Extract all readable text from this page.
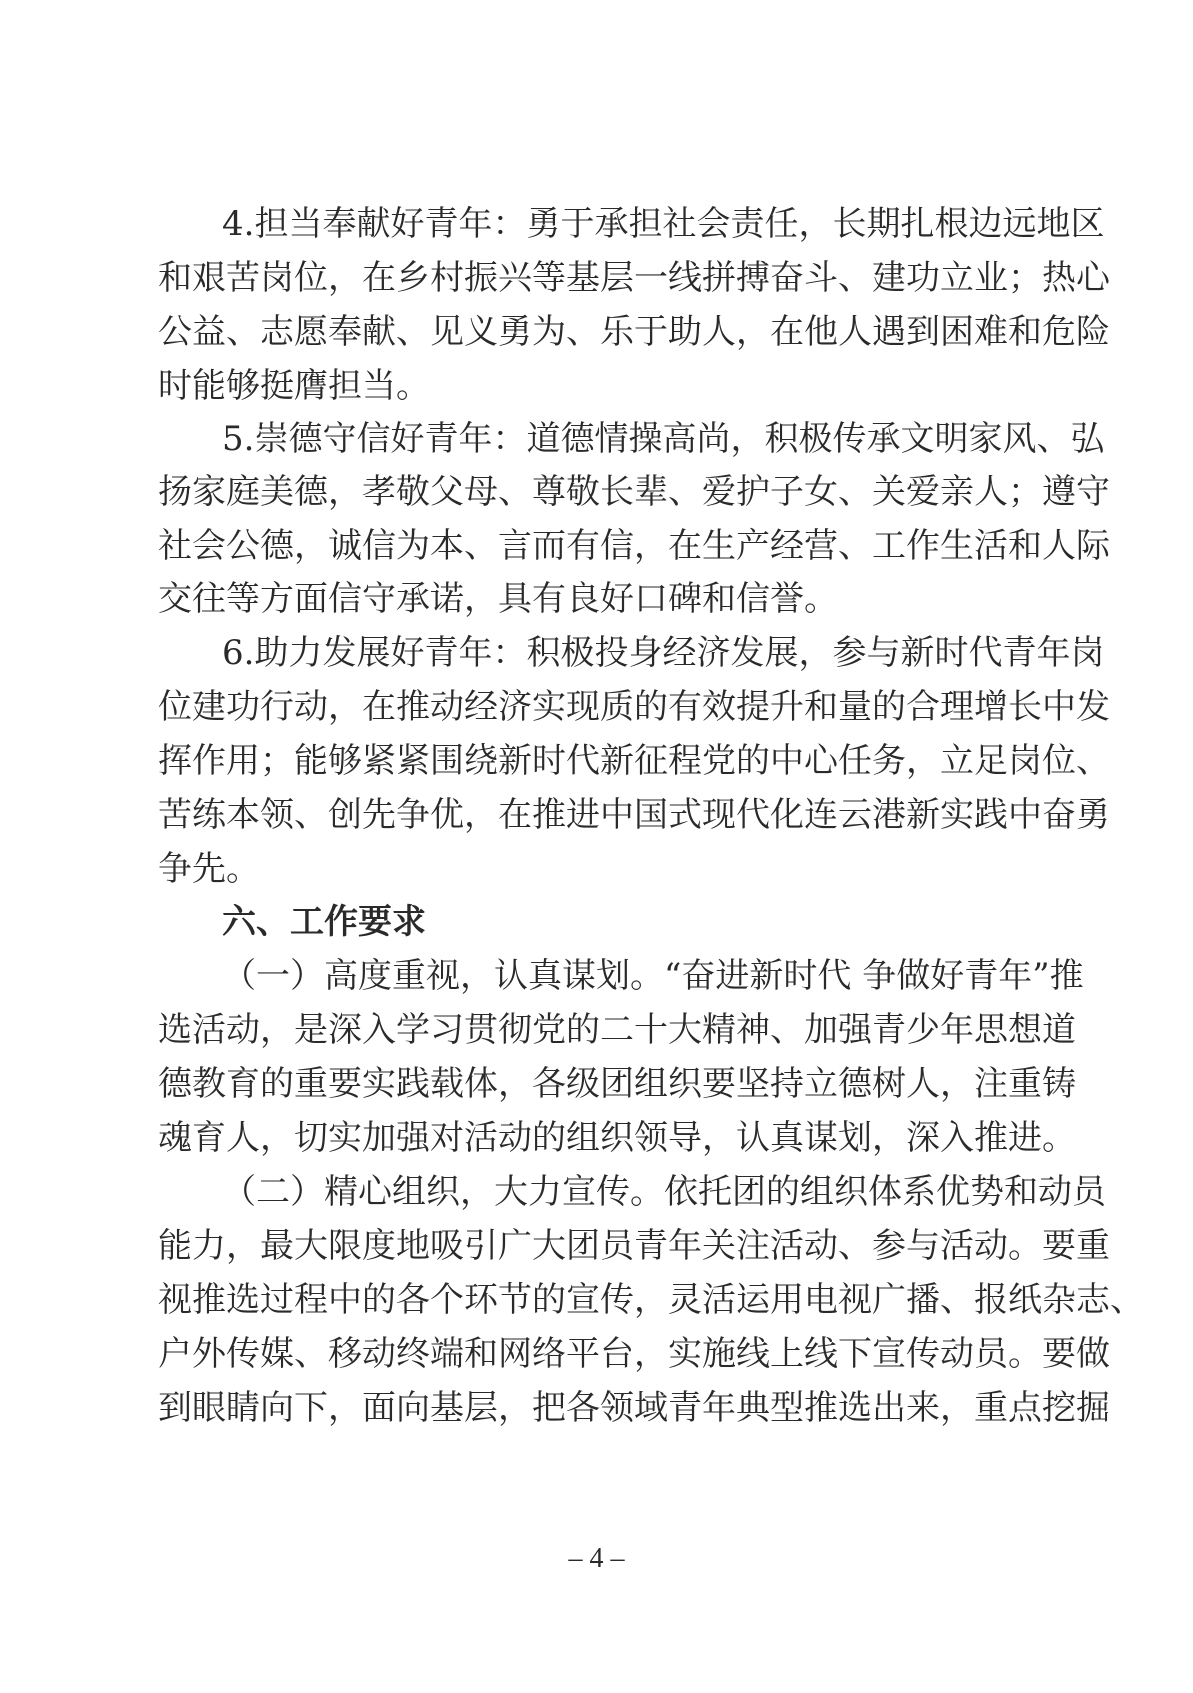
4.担当奉献好青年：勇于承担社会责任，长期扎根边远地区
和艰苦岗位，在乡村振兴等基层一线拼搏奋斗、建功立业；热心
公益、志愿奉献、见义勇为、乐于助人，在他人遇到困难和危险
时能够挺膺担当。
5.崇德守信好青年：道德情操高尚，积极传承文明家风、弘
扬家庭美德，孝敬父母、尊敬长辈、爱护子女、关爱亲人；遵守
社会公德，诚信为本、言而有信，在生产经营、工作生活和人际
交往等方面信守承诺，具有良好口碑和信誉。
6.助力发展好青年：积极投身经济发展，参与新时代青年岗
位建功行动，在推动经济实现质的有效提升和量的合理增长中发
挥作用；能够紧紧围绕新时代新征程党的中心任务，立足岗位、
苦练本领、创先争优，在推进中国式现代化连云港新实践中奋勇
争先。
六、工作要求
（一）高度重视，认真谋划。“奋进新时代 争做好青年”推
选活动，是深入学习贯彻党的二十大精神、加强青少年思想道
德教育的重要实践载体，各级团组织要坚持立德树人，注重铸
魂育人，切实加强对活动的组织领导，认真谋划，深入推进。
（二）精心组织，大力宣传。依托团的组织体系优势和动员
能力，最大限度地吸引广大团员青年关注活动、参与活动。要重
视推选过程中的各个环节的宣传，灵活运用电视广播、报纸杂志、
户外传媒、移动终端和网络平台，实施线上线下宣传动员。要做
到眼睛向下，面向基层，把各领域青年典型推选出来，重点挖掘
– 4 –
